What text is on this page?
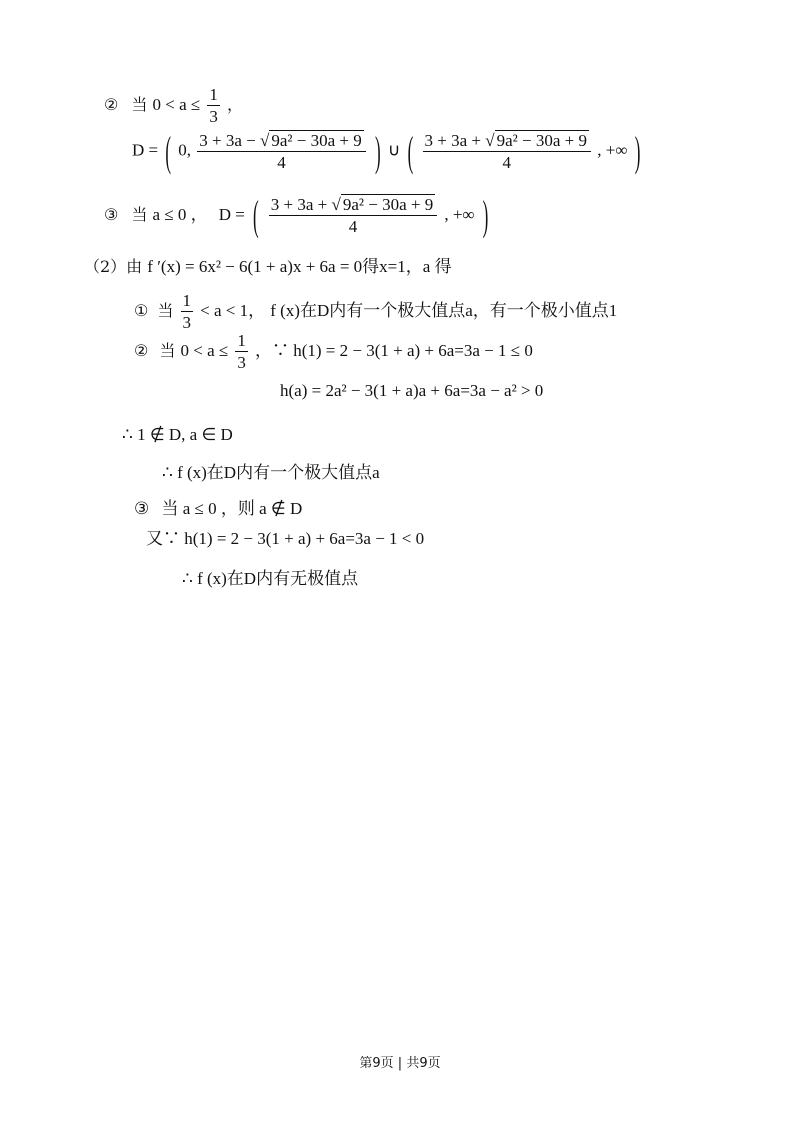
② 当 $0 < a \le \frac{1}{3}$ ，
D = ( 0, $\frac{\text{3 + 3a − √ 9a² − 30a + 9}}{4}$ ) ∪ ( $\frac{\text{3 + 3a + √ 9a² − 30a + 9}}{4}$ , +∞ )
③ 当 a ≤ 0 ， D = ( $\frac{\text{3 + 3a + √ 9a² − 30a + 9}}{4}$ , +∞ )
（2）由 f ′(x) = 6x² − 6(1 + a)x + 6a = 0得x=1，a 得
① 当 $\frac{1}{3} < a < 1$， f (x)在D内有一个极大值点a，有一个极小值点1
② 当 $0 < a \le \frac{1}{3}$ ，∵ h(1) = 2 − 3(1 + a) + 6a=3a − 1 ≤ 0
h(a) = 2a² − 3(1 + a)a + 6a=3a − a² > 0
∴ 1 ∉ D, a ∈ D
∴ f (x)在D内有一个极大值点a
③ 当 a ≤ 0 ，则 a ∉ D
又∵ h(1) = 2 − 3(1 + a) + 6a=3a − 1 < 0
∴ f (x)在D内有无极值点
第9页 | 共9页
